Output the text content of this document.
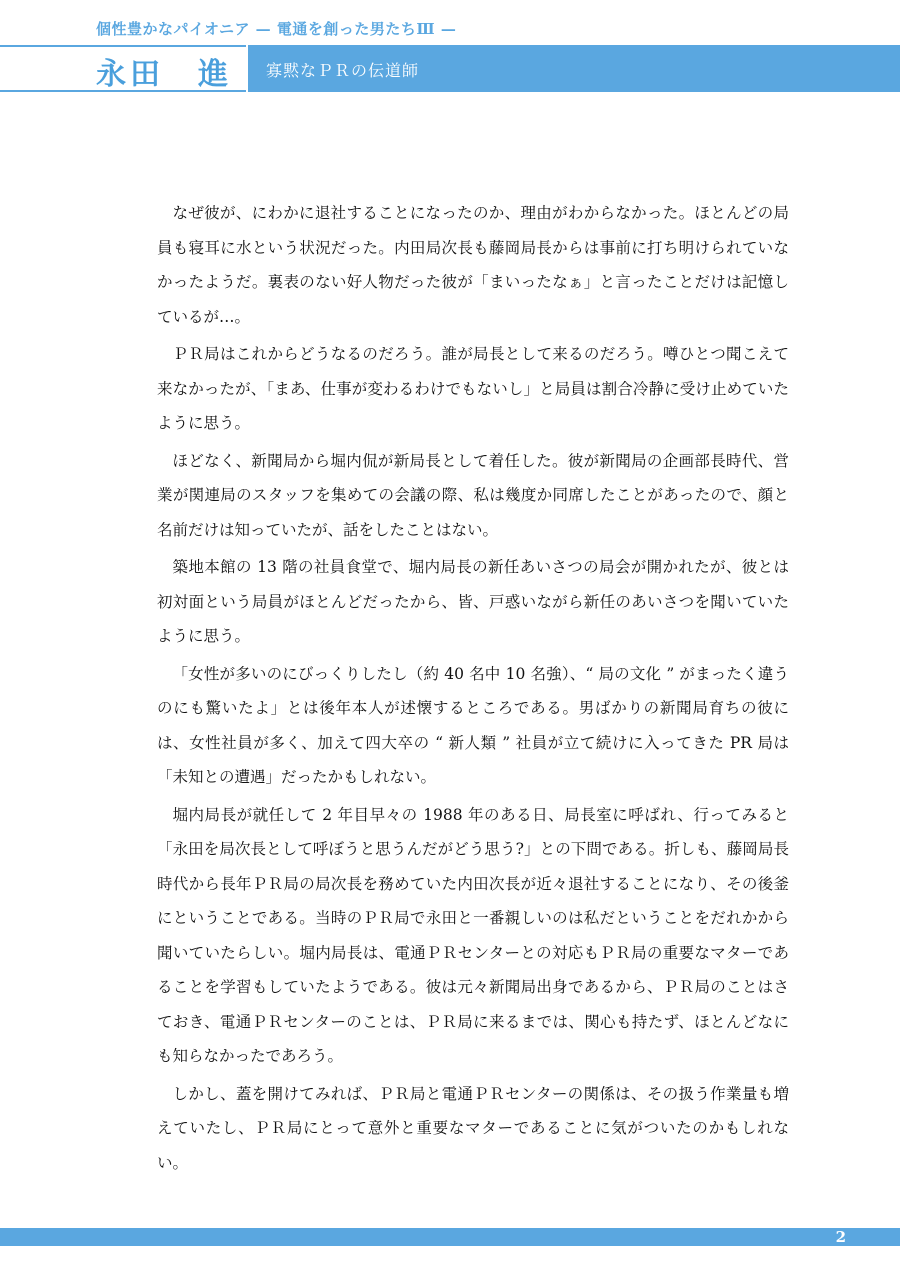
個性豊かなパイオニア — 電通を創った男たちⅢ —
永田　進 寡黙なＰＲの伝道師

なぜ彼が、にわかに退社することになったのか、理由がわからなかった。ほとんどの局員も寝耳に水という状況だった。内田局次長も藤岡局長からは事前に打ち明けられていなかったようだ。裏表のない好人物だった彼が「まいったなぁ」と言ったことだけは記憶しているが…。

ＰＲ局はこれからどうなるのだろう。誰が局長として来るのだろう。噂ひとつ聞こえて来なかったが、「まあ、仕事が変わるわけでもないし」と局員は割合冷静に受け止めていたように思う。

ほどなく、新聞局から堀内侃が新局長として着任した。彼が新聞局の企画部長時代、営業が関連局のスタッフを集めての会議の際、私は幾度か同席したことがあったので、顔と名前だけは知っていたが、話をしたことはない。

築地本館の 13 階の社員食堂で、堀内局長の新任あいさつの局会が開かれたが、彼とは初対面という局員がほとんどだったから、皆、戸惑いながら新任のあいさつを聞いていたように思う。

「女性が多いのにびっくりしたし（約 40 名中 10 名強）、“ 局の文化 ” がまったく違うのにも驚いたよ」とは後年本人が述懐するところである。男ばかりの新聞局育ちの彼には、女性社員が多く、加えて四大卒の “ 新人類 ” 社員が立て続けに入ってきた PR 局は「未知との遭遇」だったかもしれない。

堀内局長が就任して 2 年目早々の 1988 年のある日、局長室に呼ばれ、行ってみると「永田を局次長として呼ぼうと思うんだがどう思う?」との下問である。折しも、藤岡局長時代から長年ＰＲ局の局次長を務めていた内田次長が近々退社することになり、その後釜にということである。当時のＰＲ局で永田と一番親しいのは私だということをだれかから聞いていたらしい。堀内局長は、電通ＰＲセンターとの対応もＰＲ局の重要なマターであることを学習もしていたようである。彼は元々新聞局出身であるから、ＰＲ局のことはさておき、電通ＰＲセンターのことは、ＰＲ局に来るまでは、関心も持たず、ほとんどなにも知らなかったであろう。

しかし、蓋を開けてみれば、ＰＲ局と電通ＰＲセンターの関係は、その扱う作業量も増えていたし、ＰＲ局にとって意外と重要なマターであることに気がついたのかもしれない。

2
